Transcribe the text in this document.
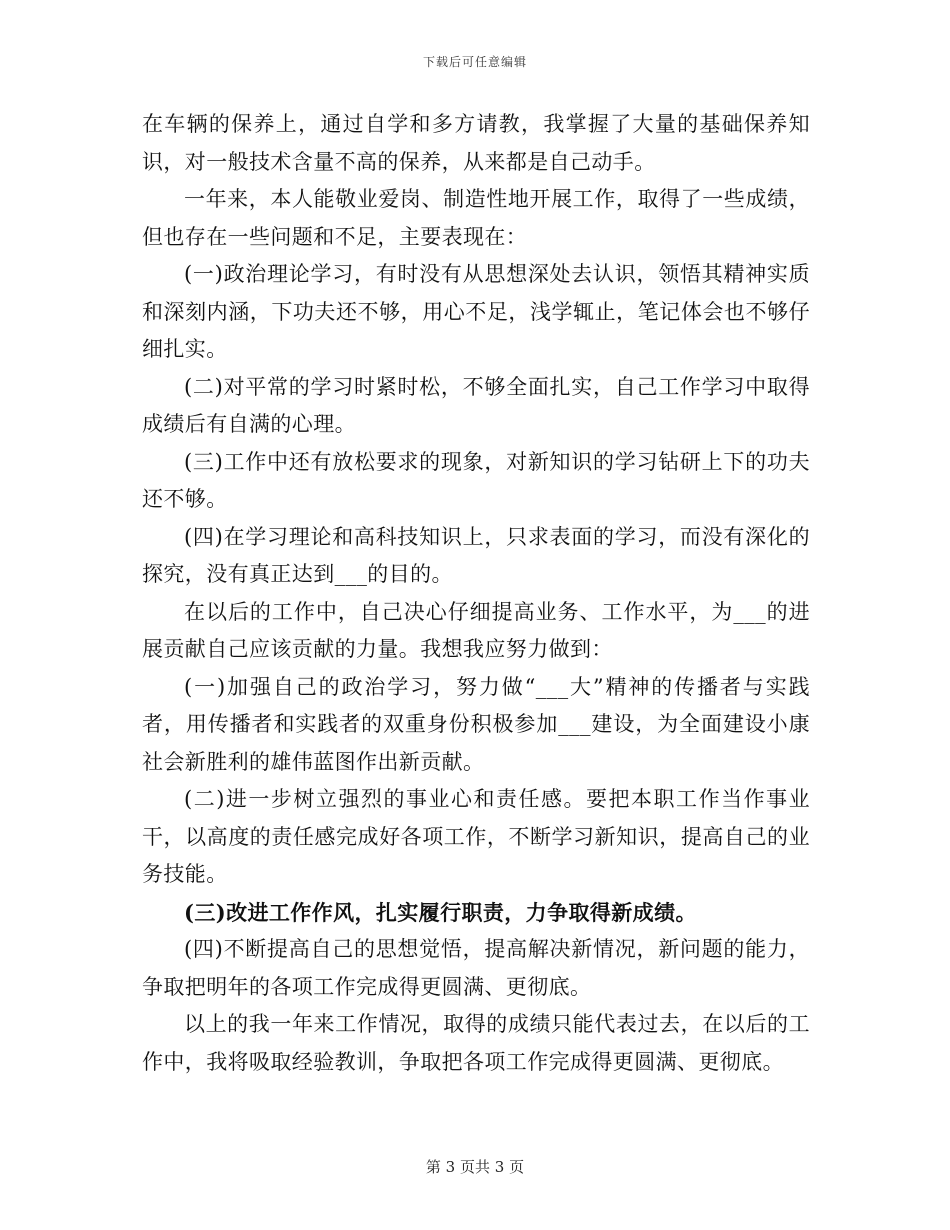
下载后可任意编辑

在车辆的保养上，通过自学和多方请教，我掌握了大量的基础保养知识，对一般技术含量不高的保养，从来都是自己动手。

一年来，本人能敬业爱岗、制造性地开展工作，取得了一些成绩，但也存在一些问题和不足，主要表现在：

(一)政治理论学习，有时没有从思想深处去认识，领悟其精神实质和深刻内涵，下功夫还不够，用心不足，浅学辄止，笔记体会也不够仔细扎实。

(二)对平常的学习时紧时松，不够全面扎实，自己工作学习中取得成绩后有自满的心理。

(三)工作中还有放松要求的现象，对新知识的学习钻研上下的功夫还不够。

(四)在学习理论和高科技知识上，只求表面的学习，而没有深化的探究，没有真正达到___的目的。

在以后的工作中，自己决心仔细提高业务、工作水平，为___的进展贡献自己应该贡献的力量。我想我应努力做到：

(一)加强自己的政治学习，努力做“___大”精神的传播者与实践者，用传播者和实践者的双重身份积极参加___建设，为全面建设小康社会新胜利的雄伟蓝图作出新贡献。

(二)进一步树立强烈的事业心和责任感。要把本职工作当作事业干，以高度的责任感完成好各项工作，不断学习新知识，提高自己的业务技能。

(三)改进工作作风，扎实履行职责，力争取得新成绩。

(四)不断提高自己的思想觉悟，提高解决新情况，新问题的能力，争取把明年的各项工作完成得更圆满、更彻底。

以上的我一年来工作情况，取得的成绩只能代表过去，在以后的工作中，我将吸取经验教训，争取把各项工作完成得更圆满、更彻底。

第 3 页共 3 页
